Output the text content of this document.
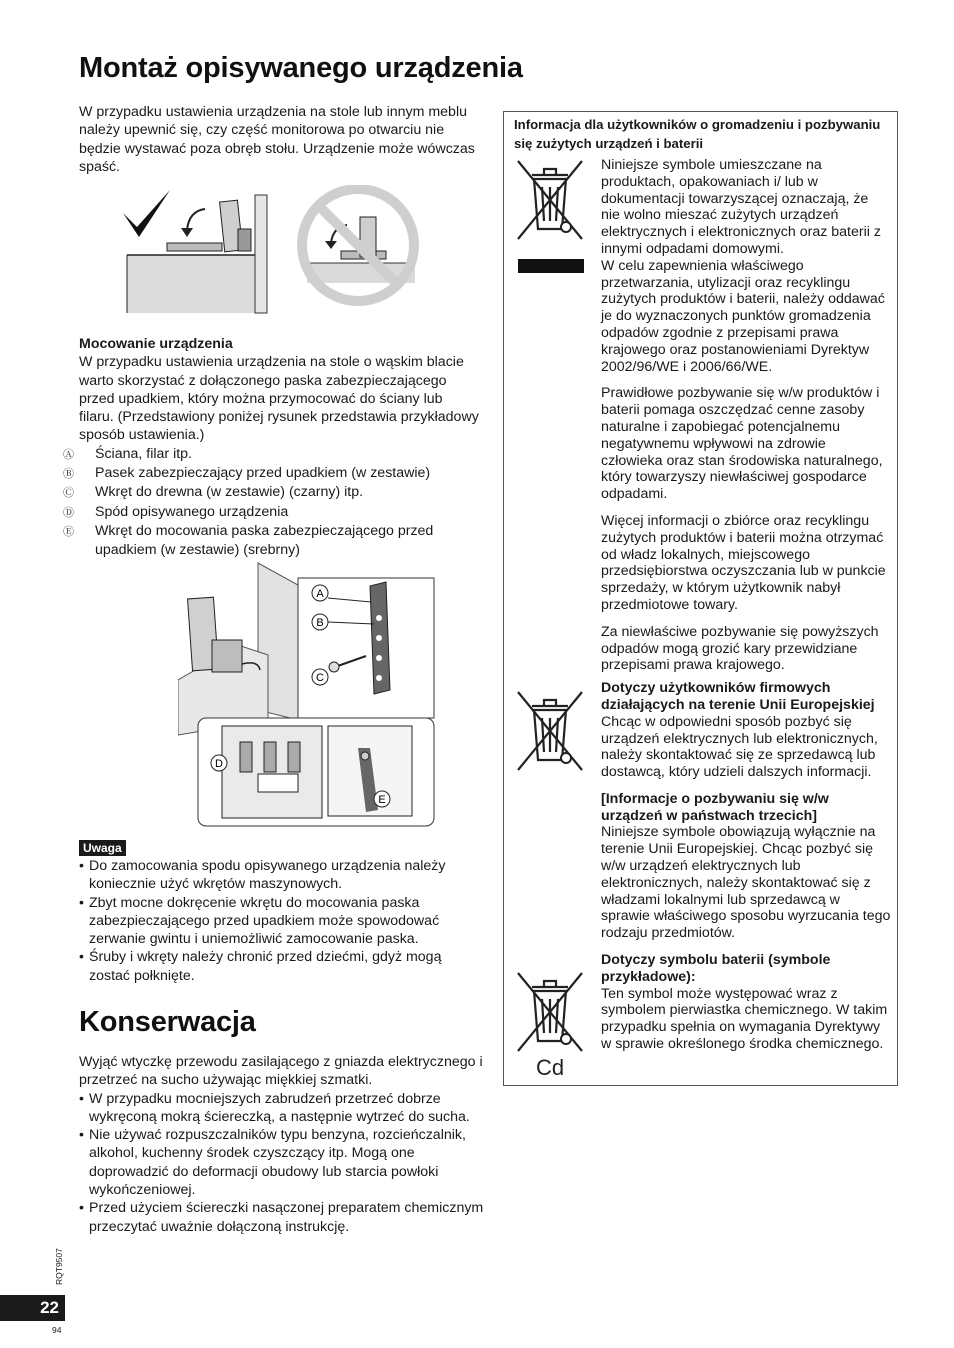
Montaż opisywanego urządzenia
W przypadku ustawienia urządzenia na stole lub innym meblu należy upewnić się, czy część monitorowa po otwarciu nie będzie wystawać poza obręb stołu. Urządzenie może wówczas spaść.

Mocowanie urządzenia

W przypadku ustawienia urządzenia na stole o wąskim blacie warto skorzystać z dołączonego paska zabezpieczającego przed upadkiem, który można przymocować do ściany lub filaru. (Przedstawiony poniżej rysunek przedstawia przykładowy sposób ustawienia.)

Ⓐ Ściana, filar itp.

Ⓑ Pasek zabezpieczający przed upadkiem (w zestawie)

Ⓒ Wkręt do drewna (w zestawie) (czarny) itp.

Ⓓ Spód opisywanego urządzenia

Ⓔ Wkręt do mocowania paska zabezpieczającego przed upadkiem (w zestawie) (srebrny)

A
B
C
D
E
Uwaga
• Do zamocowania spodu opisywanego urządzenia należy koniecznie użyć wkrętów maszynowych.
• Zbyt mocne dokręcenie wkrętu do mocowania paska zabezpieczającego przed upadkiem może spowodować zerwanie gwintu i uniemożliwić zamocowanie paska.
• Śruby i wkręty należy chronić przed dziećmi, gdyż mogą zostać połknięte.
Konserwacja

Wyjąć wtyczkę przewodu zasilającego z gniazda elektrycznego i przetrzeć na sucho używając miękkiej szmatki.

• W przypadku mocniejszych zabrudzeń przetrzeć dobrze wykręconą mokrą ściereczką, a następnie wytrzeć do sucha.
• Nie używać rozpuszczalników typu benzyna, rozcieńczalnik, alkohol, kuchenny środek czyszczący itp. Mogą one doprowadzić do deformacji obudowy lub starcia powłoki wykończeniowej.
• Przed użyciem ściereczki nasączonej preparatem chemicznym przeczytać uważnie dołączoną instrukcję.
Informacja dla użytkowników o gromadzeniu i pozbywaniu się zużytych urządzeń i baterii

Niniejsze symbole umieszczane na produktach, opakowaniach i/ lub w dokumentacji towarzyszącej oznaczają, że nie wolno mieszać zużytych urządzeń elektrycznych i elektronicznych oraz baterii z innymi odpadami domowymi.

W celu zapewnienia właściwego przetwarzania, utylizacji oraz recyklingu zużytych produktów i baterii, należy oddawać je do wyznaczonych punktów gromadzenia odpadów zgodnie z przepisami prawa krajowego oraz postanowieniami Dyrektyw 2002/96/WE i 2006/66/WE.

Prawidłowe pozbywanie się w/w produktów i baterii pomaga oszczędzać cenne zasoby naturalne i zapobiegać potencjalnemu negatywnemu wpływowi na zdrowie człowieka oraz stan środowiska naturalnego, który towarzyszy niewłaściwej gospodarce odpadami.

Więcej informacji o zbiórce oraz recyklingu zużytych produktów i baterii można otrzymać od władz lokalnych, miejscowego przedsiębiorstwa oczyszczania lub w punkcie sprzedaży, w którym użytkownik nabył przedmiotowe towary.

Za niewłaściwe pozbywanie się powyższych odpadów mogą grozić kary przewidziane przepisami prawa krajowego.

Dotyczy użytkowników firmowych działających na terenie Unii Europejskiej

Chcąc w odpowiedni sposób pozbyć się urządzeń elektrycznych lub elektronicznych, należy skontaktować się ze sprzedawcą lub dostawcą, który udzieli dalszych informacji.

[Informacje o pozbywaniu się w/w urządzeń w państwach trzecich]

Niniejsze symbole obowiązują wyłącznie na terenie Unii Europejskiej. Chcąc pozbyć się w/w urządzeń elektrycznych lub elektronicznych, należy skontaktować się z władzami lokalnymi lub sprzedawcą w sprawie właściwego sposobu wyrzucania tego rodzaju przedmiotów.

Dotyczy symbolu baterii (symbole przykładowe):

Ten symbol może występować wraz z symbolem pierwiastka chemicznego. W takim przypadku spełnia on wymagania Dyrektywy w sprawie określonego środka chemicznego.

Cd
RQT9507
22
94
